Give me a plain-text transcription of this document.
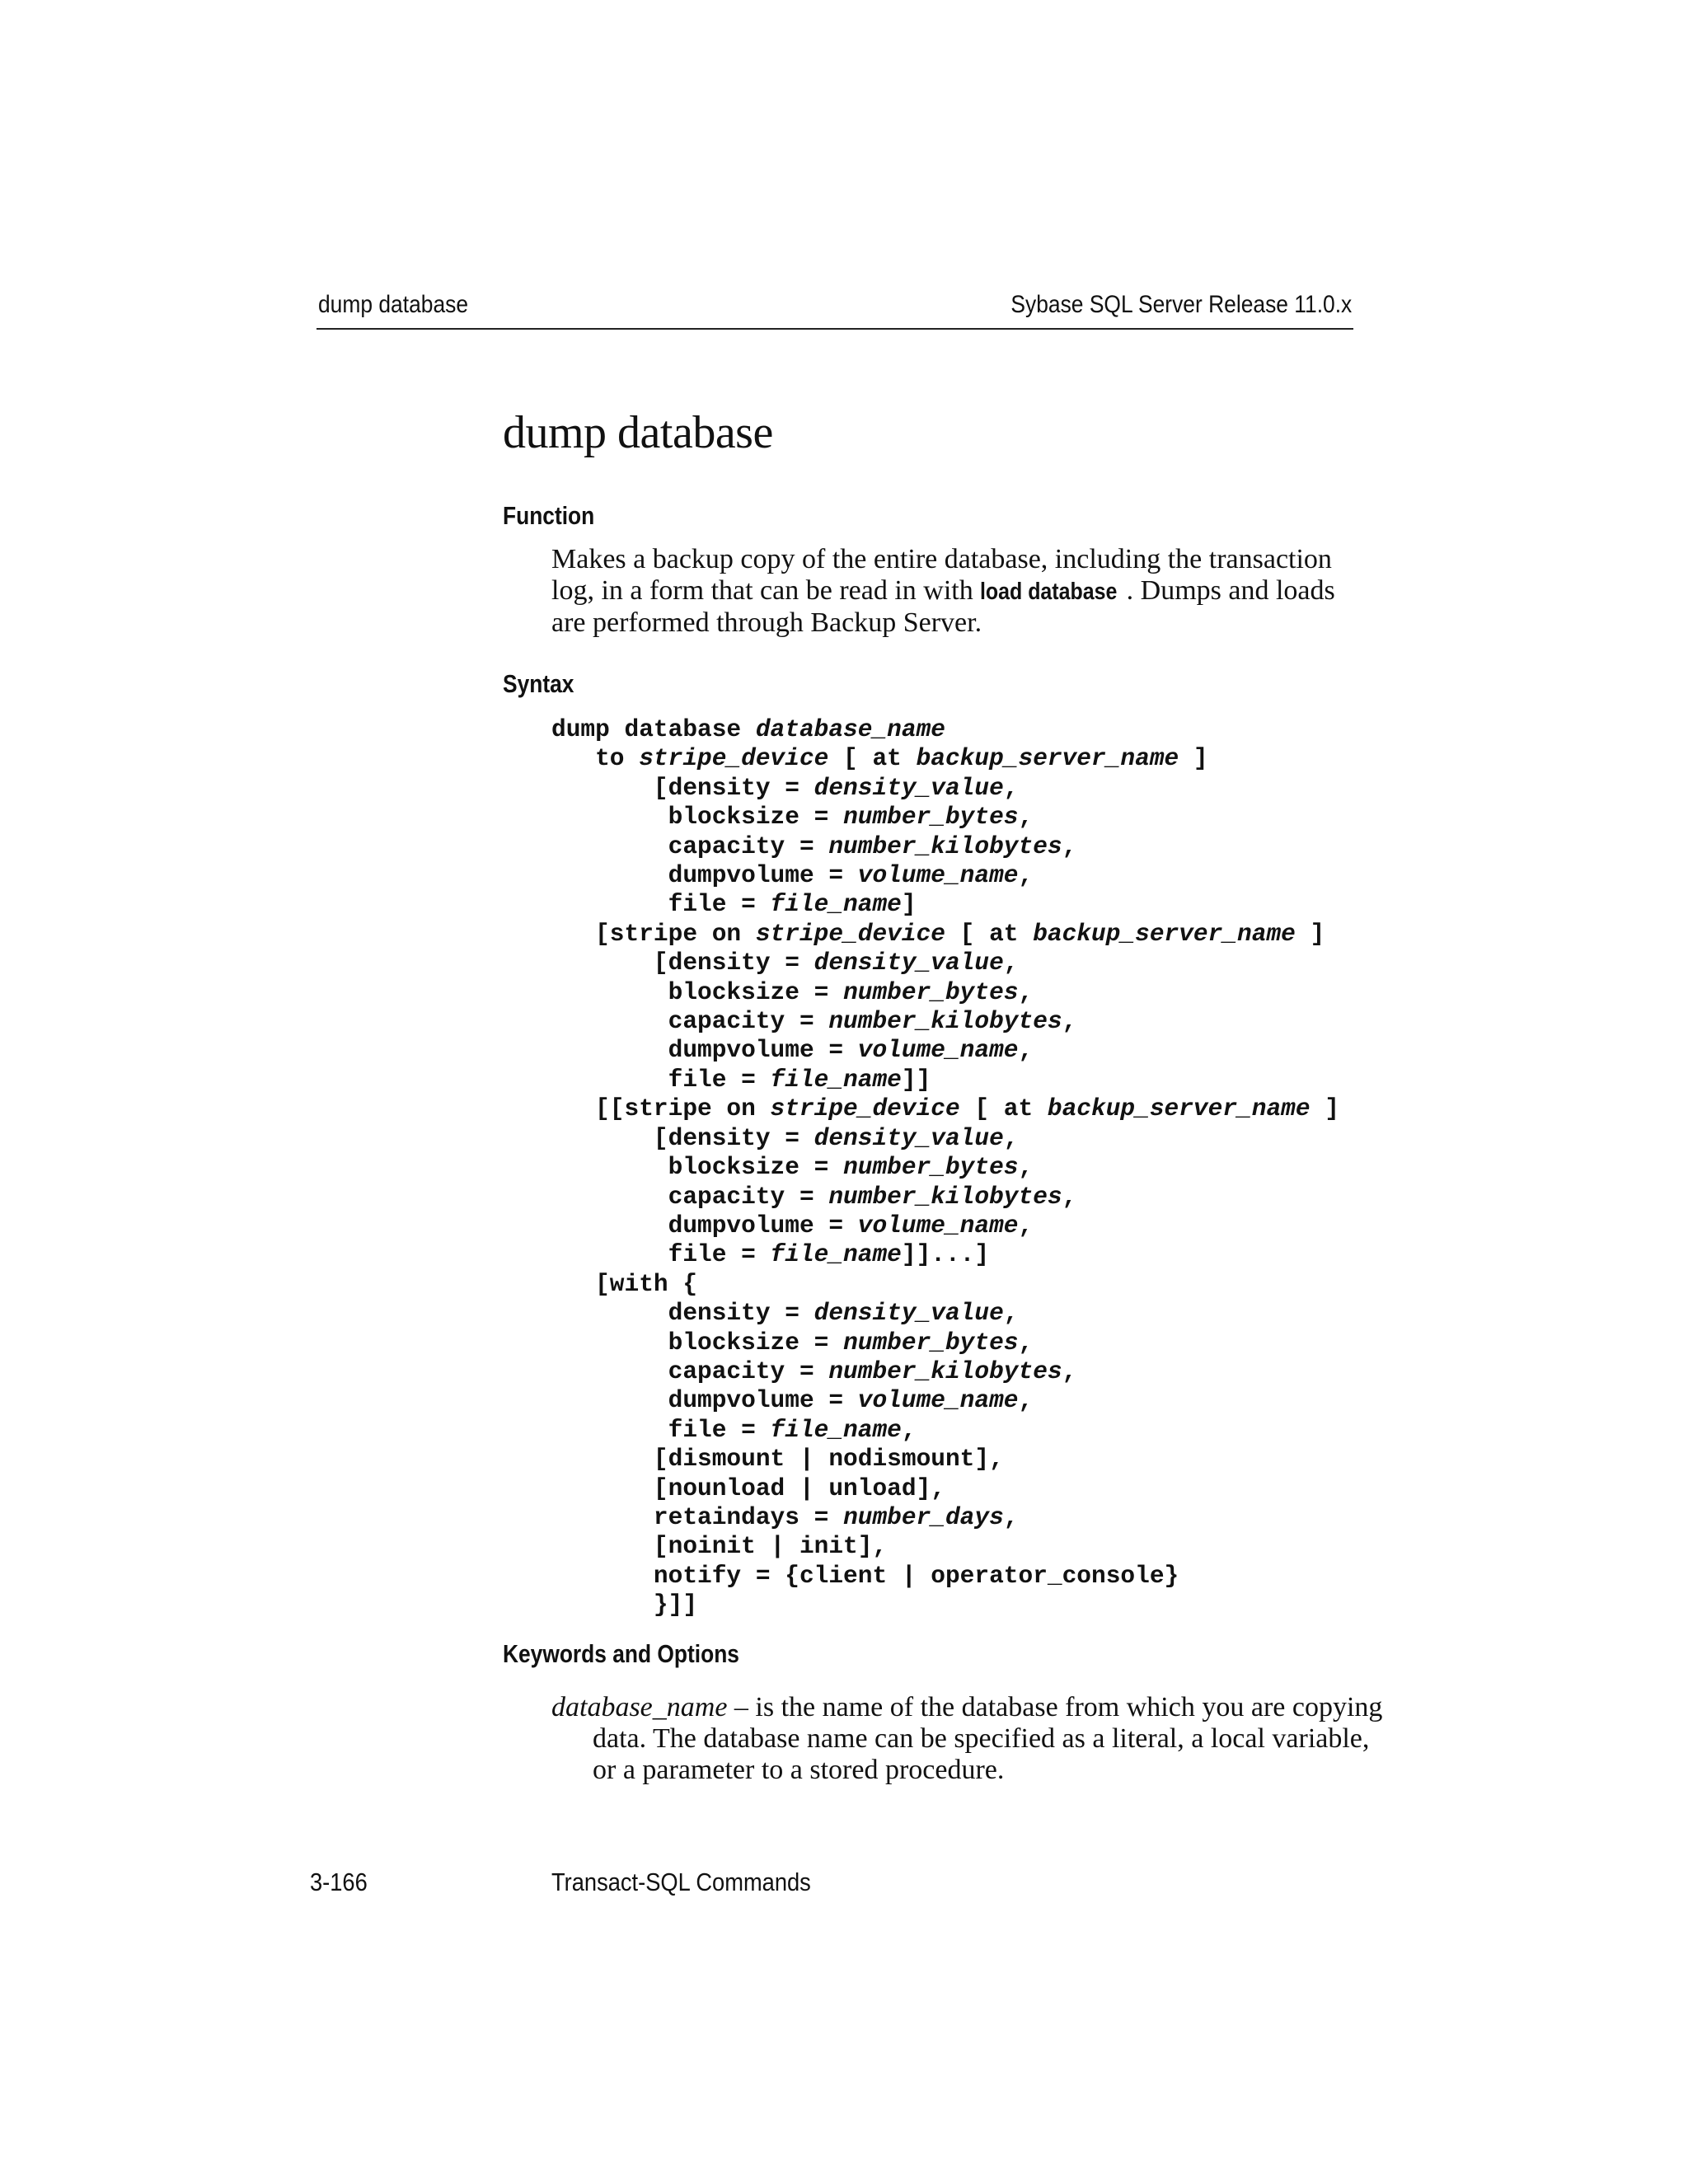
dump database	Sybase SQL Server Release 11.0.x
dump database
Function

Makes a backup copy of the entire database, including the transaction log, in a form that can be read in with load database . Dumps and loads are performed through Backup Server.

Syntax
dump database database_name
to stripe_device [ at backup_server_name ]
[density = density_value,
blocksize = number_bytes,
capacity = number_kilobytes,
dumpvolume = volume_name,
file = file_name]
[stripe on stripe_device [ at backup_server_name ]
[density = density_value,
blocksize = number_bytes,
capacity = number_kilobytes,
dumpvolume = volume_name,
file = file_name]]
[[stripe on stripe_device [ at backup_server_name ]
[density = density_value,
blocksize = number_bytes,
capacity = number_kilobytes,
dumpvolume = volume_name,
file = file_name]]...]
[with {
density = density_value,
blocksize = number_bytes,
capacity = number_kilobytes,
dumpvolume = volume_name,
file = file_name,
[dismount | nodismount],
[nounload | unload],
retaindays = number_days,
[noinit | init],
notify = {client | operator_console}
}]]
Keywords and Options

database_name – is the name of the database from which you are copying data. The database name can be specified as a literal, a local variable, or a parameter to a stored procedure.

3-166	Transact-SQL Commands
